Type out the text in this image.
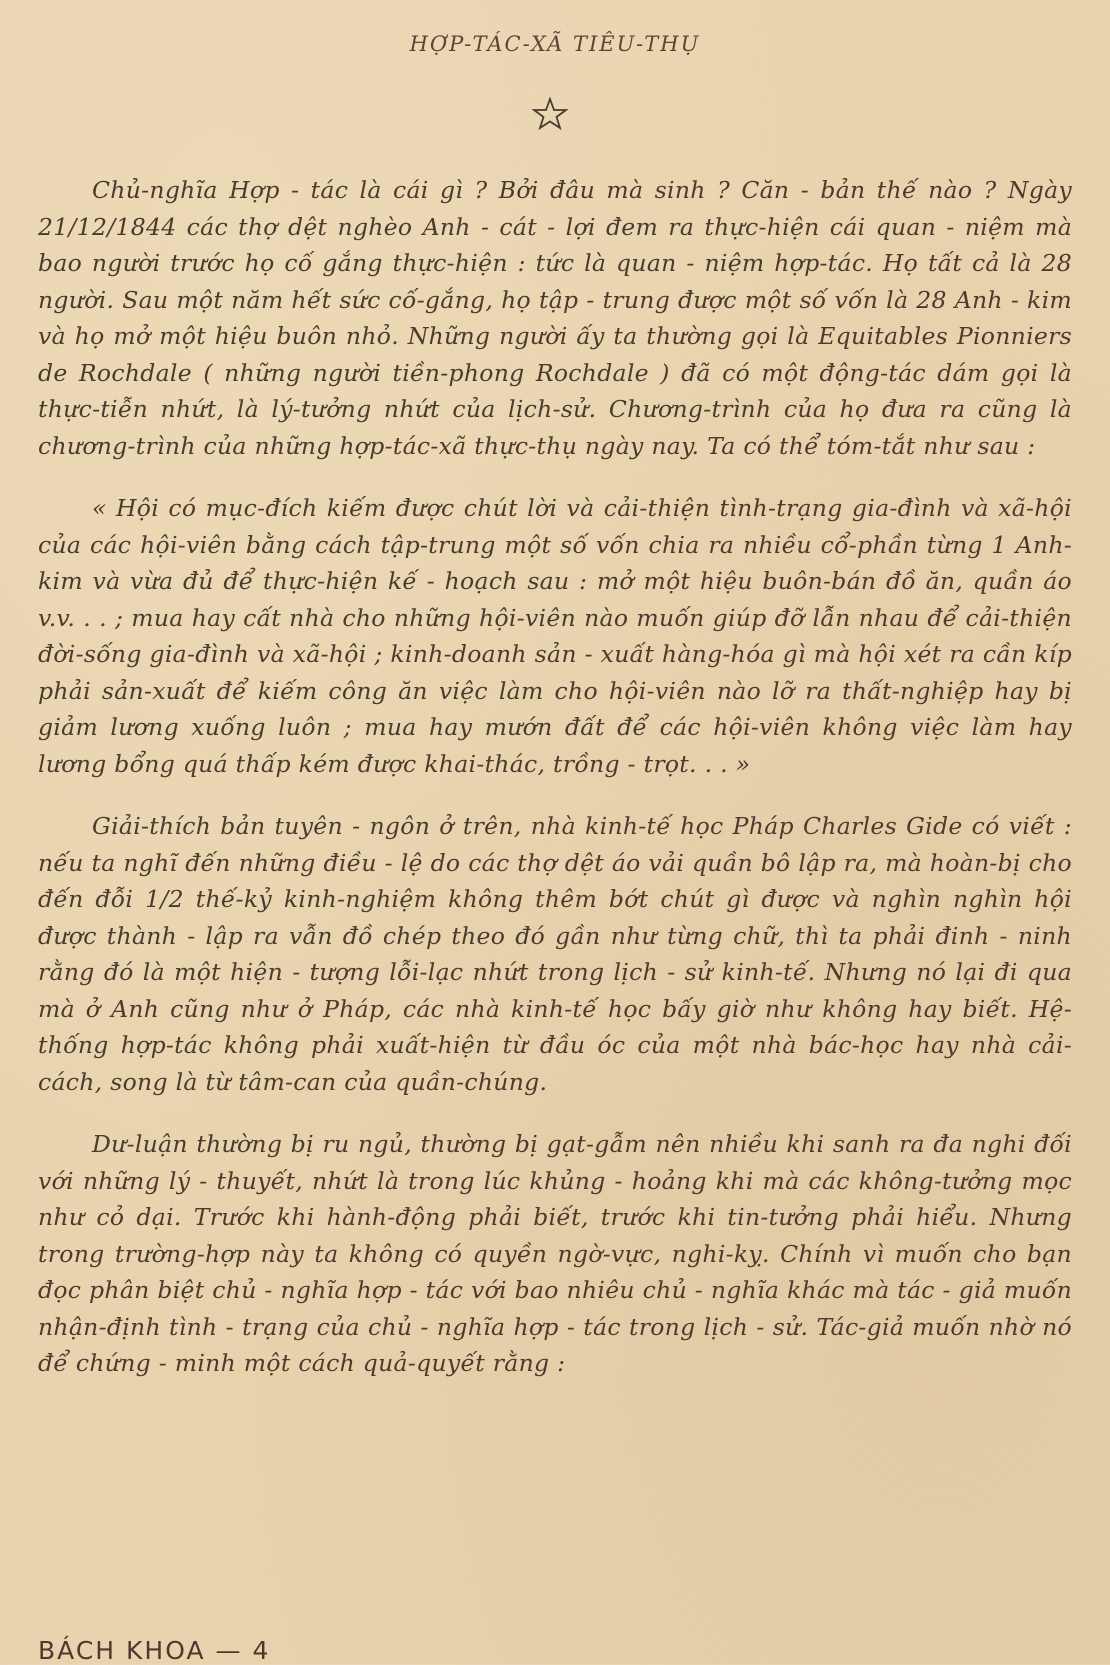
HỢP-TÁC-XÃ TIÊU-THỤ

Chủ-nghĩa Hợp - tác là cái gì ? Bởi đâu mà sinh ? Căn - bản thế nào ? Ngày 21/12/1844 các thợ dệt nghèo Anh - cát - lợi đem ra thực-hiện cái quan - niệm mà bao người trước họ cố gắng thực-hiện : tức là quan - niệm hợp-tác. Họ tất cả là 28 người. Sau một năm hết sức cố-gắng, họ tập - trung được một số vốn là 28 Anh - kim và họ mở một hiệu buôn nhỏ. Những người ấy ta thường gọi là Equitables Pionniers de Rochdale ( những người tiền-phong Rochdale ) đã có một động-tác dám gọi là thực-tiễn nhứt, là lý-tưởng nhứt của lịch-sử. Chương-trình của họ đưa ra cũng là chương-trình của những hợp-tác-xã thực-thụ ngày nay. Ta có thể tóm-tắt như sau :

« Hội có mục-đích kiếm được chút lời và cải-thiện tình-trạng gia-đình và xã-hội của các hội-viên bằng cách tập-trung một số vốn chia ra nhiều cổ-phần từng 1 Anh-kim và vừa đủ để thực-hiện kế - hoạch sau : mở một hiệu buôn-bán đồ ăn, quần áo v.v. . . ; mua hay cất nhà cho những hội-viên nào muốn giúp đỡ lẫn nhau để cải-thiện đời-sống gia-đình và xã-hội ; kinh-doanh sản - xuất hàng-hóa gì mà hội xét ra cần kíp phải sản-xuất để kiếm công ăn việc làm cho hội-viên nào lỡ ra thất-nghiệp hay bị giảm lương xuống luôn ; mua hay mướn đất để các hội-viên không việc làm hay lương bổng quá thấp kém được khai-thác, trồng - trọt. . . »

Giải-thích bản tuyên - ngôn ở trên, nhà kinh-tế học Pháp Charles Gide có viết : nếu ta nghĩ đến những điều - lệ do các thợ dệt áo vải quần bô lập ra, mà hoàn-bị cho đến đỗi 1/2 thế-kỷ kinh-nghiệm không thêm bớt chút gì được và nghìn nghìn hội được thành - lập ra vẫn đồ chép theo đó gần như từng chữ, thì ta phải đinh - ninh rằng đó là một hiện - tượng lỗi-lạc nhứt trong lịch - sử kinh-tế. Nhưng nó lại đi qua mà ở Anh cũng như ở Pháp, các nhà kinh-tế học bấy giờ như không hay biết. Hệ-thống hợp-tác không phải xuất-hiện từ đầu óc của một nhà bác-học hay nhà cải-cách, song là từ tâm-can của quần-chúng.

Dư-luận thường bị ru ngủ, thường bị gạt-gẫm nên nhiều khi sanh ra đa nghi đối với những lý - thuyết, nhứt là trong lúc khủng - hoảng khi mà các không-tưởng mọc như cỏ dại. Trước khi hành-động phải biết, trước khi tin-tưởng phải hiểu. Nhưng trong trường-hợp này ta không có quyền ngờ-vực, nghi-kỵ. Chính vì muốn cho bạn đọc phân biệt chủ - nghĩa hợp - tác với bao nhiêu chủ - nghĩa khác mà tác - giả muốn nhận-định tình - trạng của chủ - nghĩa hợp - tác trong lịch - sử. Tác-giả muốn nhờ nó để chứng - minh một cách quả-quyết rằng :

BÁCH KHOA — 4
